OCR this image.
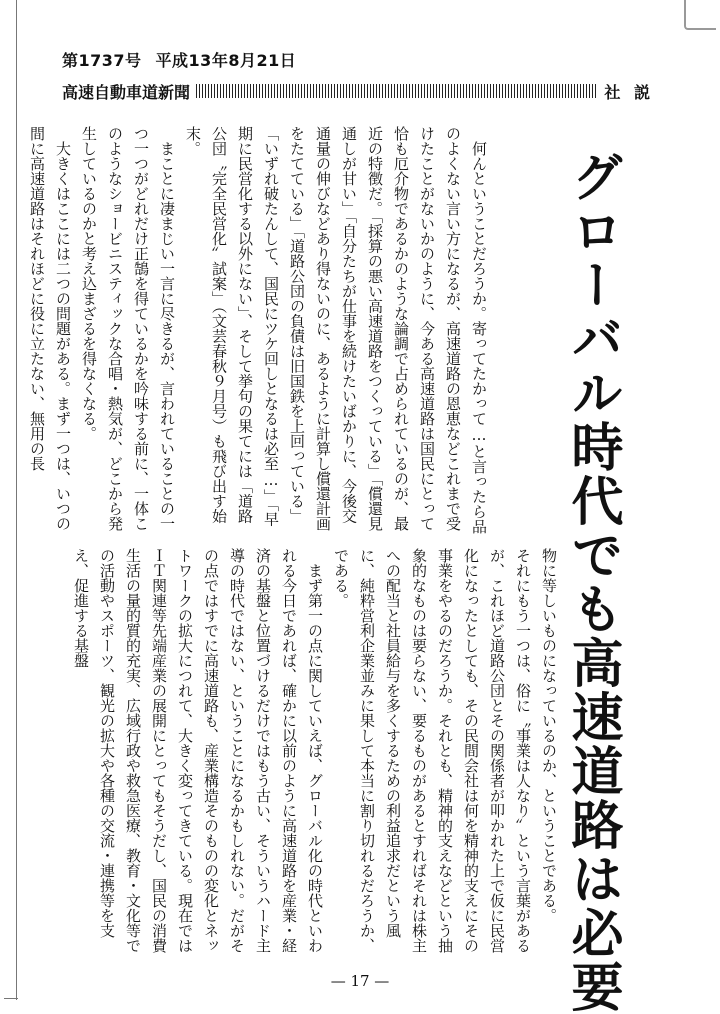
第1737号 平成13年8月21日
高速自動車道新聞	社 説
グローバル時代でも高速道路は必要
　何んということだろうか。寄ってたかって…と言ったら品のよくない言い方になるが、高速道路の恩恵などこれまで受けたことがないかのように、今ある高速道路は国民にとって恰も厄介物であるかのような論調で占められているのが、最近の特徴だ。「採算の悪い高速道路をつくっている」「償還見通しが甘い」「自分たちが仕事を続けたいばかりに、今後交通量の伸びなどあり得ないのに、あるように計算し償還計画をたてている」「道路公団の負債は旧国鉄を上回っている」「いずれ破たんして、国民にツケ回しとなるは必至…」「早期に民営化する以外にない」、そして挙句の果てには「道路公団〝完全民営化〟試案」（文芸春秋９月号）も飛び出す始末。
　まことに凄まじい一言に尽きるが、言われていることの一つ一つがどれだけ正鵠を得ているかを吟味する前に、一体このようなショービニスティックな合唱・熱気が、どこから発生しているのかと考え込まざるを得なくなる。
　大きくはここには二つの問題がある。まず一つは、いつの間に高速道路はそれほどに役に立たない、無用の長
物に等しいものになっているのか、ということである。
それにもう一つは、俗に〝事業は人なり〟という言葉があるが、これほど道路公団とその関係者が叩かれた上で仮に民営化になったとしても、その民間会社は何を精神的支えにその事業をやるのだろうか。それとも、精神的支えなどという抽象的なものは要らない、要るものがあるとすればそれは株主への配当と社員給与を多くするための利益追求だという風に、純粋営利企業並みに果して本当に割り切れるだろうか、である。
　まず第一の点に関していえば、グローバル化の時代といわれる今日であれば、確かに以前のように高速道路を産業・経済の基盤と位置づけるだけではもう古い、そういうハード主導の時代ではない、ということになるかもしれない。だがその点ではすでに高速道路も、産業構造そのものの変化とネットワークの拡大につれて、大きく変ってきている。現在ではＩＴ関連等先端産業の展開にとってもそうだし、国民の消費生活の量的質的充実、広域行政や救急医療、教育・文化等での活動やスポーツ、観光の拡大や各種の交流・連携等を支え、促進する基盤
— 17 —
